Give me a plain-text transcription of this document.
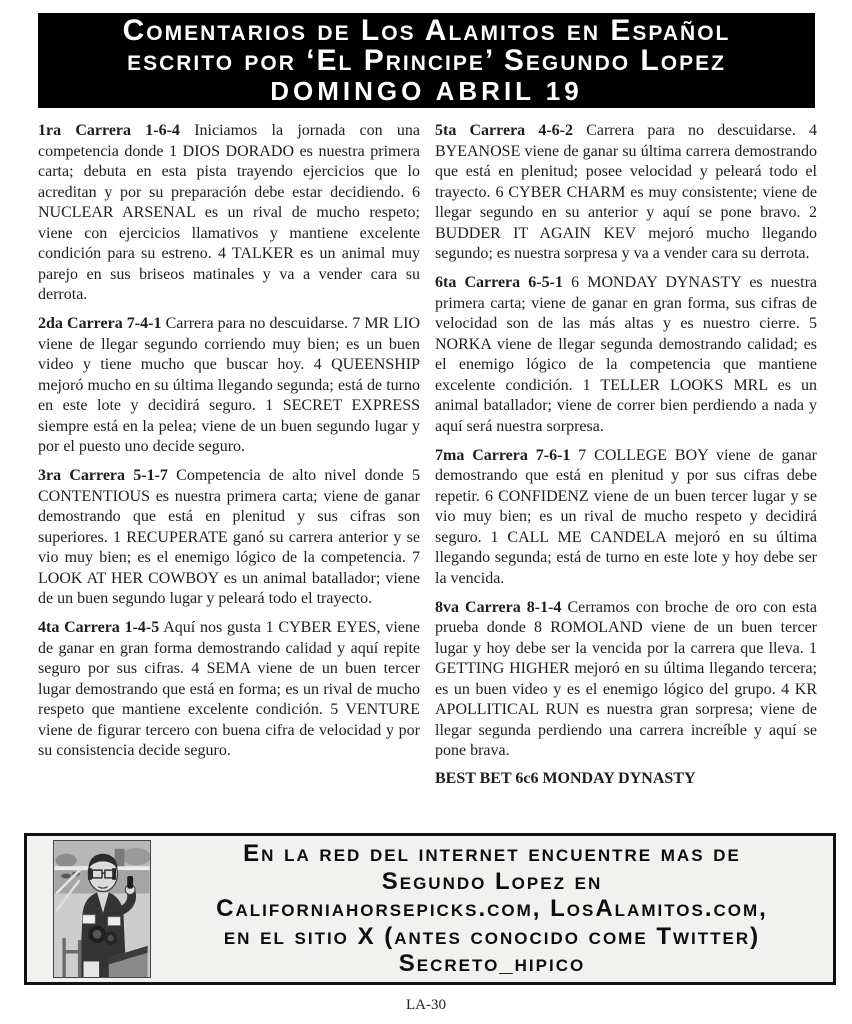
Comentarios de Los Alamitos en Español
escrito por ‘El Principe’ Segundo Lopez
DOMINGO ABRIL 19

1ra Carrera 1-6-4 Iniciamos la jornada con una competencia donde 1 DIOS DORADO es nuestra primera carta; debuta en esta pista trayendo ejercicios que lo acreditan y por su preparación debe estar decidiendo. 6 NUCLEAR ARSENAL es un rival de mucho respeto; viene con ejercicios llamativos y mantiene excelente condición para su estreno. 4 TALKER es un animal muy parejo en sus briseos matinales y va a vender cara su derrota.

2da Carrera 7-4-1 Carrera para no descuidarse. 7 MR LIO viene de llegar segundo corriendo muy bien; es un buen video y tiene mucho que buscar hoy. 4 QUEENSHIP mejoró mucho en su última llegando segunda; está de turno en este lote y decidirá seguro. 1 SECRET EXPRESS siempre está en la pelea; viene de un buen segundo lugar y por el puesto uno decide seguro.

3ra Carrera 5-1-7 Competencia de alto nivel donde 5 CONTENTIOUS es nuestra primera carta; viene de ganar demostrando que está en plenitud y sus cifras son superiores. 1 RECUPERATE ganó su carrera anterior y se vio muy bien; es el enemigo lógico de la competencia. 7 LOOK AT HER COWBOY es un animal batallador; viene de un buen segundo lugar y peleará todo el trayecto.

4ta Carrera 1-4-5 Aquí nos gusta 1 CYBER EYES, viene de ganar en gran forma demostrando calidad y aquí repite seguro por sus cifras. 4 SEMA viene de un buen tercer lugar demostrando que está en forma; es un rival de mucho respeto que mantiene excelente condición. 5 VENTURE viene de figurar tercero con buena cifra de velocidad y por su consistencia decide seguro.

5ta Carrera 4-6-2 Carrera para no descuidarse. 4 BYEANOSE viene de ganar su última carrera demostrando que está en plenitud; posee velocidad y peleará todo el trayecto. 6 CYBER CHARM es muy consistente; viene de llegar segundo en su anterior y aquí se pone bravo. 2 BUDDER IT AGAIN KEV mejoró mucho llegando segundo; es nuestra sorpresa y va a vender cara su derrota.

6ta Carrera 6-5-1 6 MONDAY DYNASTY es nuestra primera carta; viene de ganar en gran forma, sus cifras de velocidad son de las más altas y es nuestro cierre. 5 NORKA viene de llegar segunda demostrando calidad; es el enemigo lógico de la competencia que mantiene excelente condición. 1 TELLER LOOKS MRL es un animal batallador; viene de correr bien perdiendo a nada y aquí será nuestra sorpresa.

7ma Carrera 7-6-1 7 COLLEGE BOY viene de ganar demostrando que está en plenitud y por sus cifras debe repetir. 6 CONFIDENZ viene de un buen tercer lugar y se vio muy bien; es un rival de mucho respeto y decidirá seguro. 1 CALL ME CANDELA mejoró en su última llegando segunda; está de turno en este lote y hoy debe ser la vencida.

8va Carrera 8-1-4 Cerramos con broche de oro con esta prueba donde 8 ROMOLAND viene de un buen tercer lugar y hoy debe ser la vencida por la carrera que lleva. 1 GETTING HIGHER mejoró en su última llegando tercera; es un buen video y es el enemigo lógico del grupo. 4 KR APOLLITICAL RUN es nuestra gran sorpresa; viene de llegar segunda perdiendo una carrera increíble y aquí se pone brava.

BEST BET 6c6 MONDAY DYNASTY
En la red del internet encuentre mas de
Segundo Lopez en
Californiahorsepicks.com, LosAlamitos.com,
en el sitio X (antes conocido come Twitter)
Secreto_hipico
LA-30
